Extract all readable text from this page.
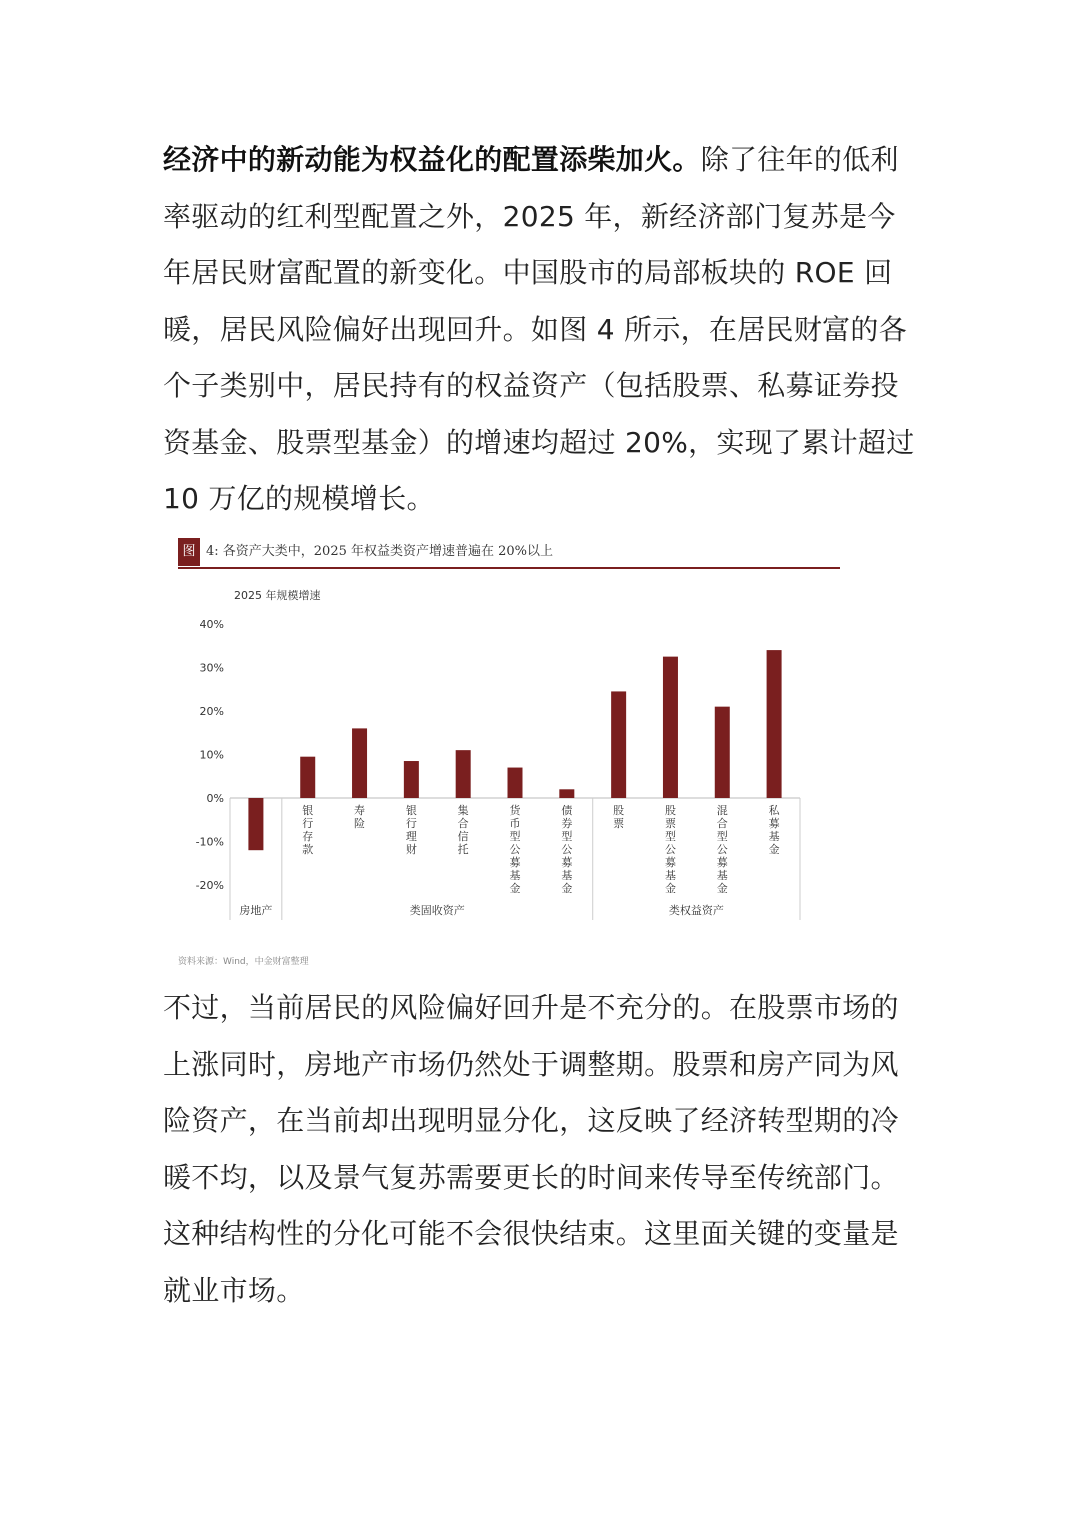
经济中的新动能为权益化的配置添柴加火。除了往年的低利率驱动的红利型配置之外，2025 年，新经济部门复苏是今年居民财富配置的新变化。中国股市的局部板块的 ROE 回暖，居民风险偏好出现回升。如图 4 所示，在居民财富的各个子类别中，居民持有的权益资产（包括股票、私募证券投资基金、股票型基金）的增速均超过 20%，实现了累计超过 10 万亿的规模增长。

图 4: 各资产大类中，2025 年权益类资产增速普遍在 20%以上
2025 年规模增速
40%
30%
20%
10%
0%
-10%
-20%
房地产	类固收资产	类权益资产
银行存款
寿险
银行理财
集合信托
货币型公募基金
债券型公募基金
股票
股票型公募基金
混合型公募基金
私募基金
资料来源：Wind，中金财富整理

不过，当前居民的风险偏好回升是不充分的。在股票市场的上涨同时，房地产市场仍然处于调整期。股票和房产同为风险资产，在当前却出现明显分化，这反映了经济转型期的冷暖不均，以及景气复苏需要更长的时间来传导至传统部门。这种结构性的分化可能不会很快结束。这里面关键的变量是就业市场。
